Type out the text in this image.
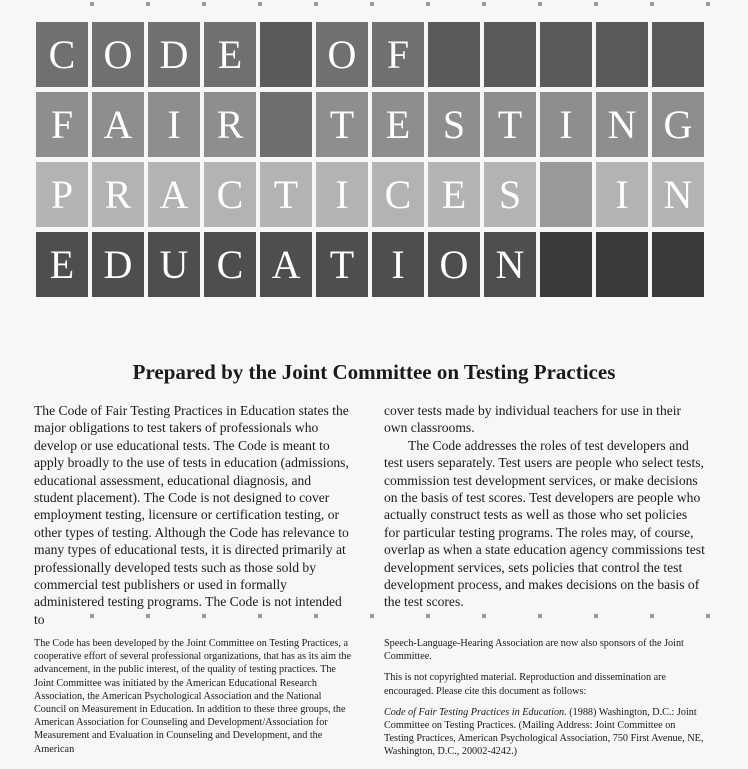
C O D E	O F
F A I R	T E S T I N G
P R A C T I C E S	I N
E D U C A T I O N
Prepared by the Joint Committee on Testing Practices

The Code of Fair Testing Practices in Education states the major obligations to test takers of professionals who develop or use educational tests. The Code is meant to apply broadly to the use of tests in education (admissions, educational assessment, educational diagnosis, and student placement). The Code is not designed to cover employment testing, licensure or certification testing, or other types of testing. Although the Code has relevance to many types of educational tests, it is directed primarily at professionally developed tests such as those sold by commercial test publishers or used in formally administered testing programs. The Code is not intended to

cover tests made by individual teachers for use in their own classrooms.

The Code addresses the roles of test developers and test users separately. Test users are people who select tests, commission test development services, or make decisions on the basis of test scores. Test developers are people who actually construct tests as well as those who set policies for particular testing programs. The roles may, of course, overlap as when a state education agency commissions test development services, sets policies that control the test development process, and makes decisions on the basis of the test scores.

The Code has been developed by the Joint Committee on Testing Practices, a cooperative effort of several professional organizations, that has as its aim the advancement, in the public interest, of the quality of testing practices. The Joint Committee was initiated by the American Educational Research Association, the American Psychological Association and the National Council on Measurement in Education. In addition to these three groups, the American Association for Counseling and Development/Association for Measurement and Evaluation in Counseling and Development, and the American

Speech-Language-Hearing Association are now also sponsors of the Joint Committee.

This is not copyrighted material. Reproduction and dissemination are encouraged. Please cite this document as follows:

Code of Fair Testing Practices in Education. (1988) Washington, D.C.: Joint Committee on Testing Practices. (Mailing Address: Joint Committee on Testing Practices, American Psychological Association, 750 First Avenue, NE, Washington, D.C., 20002-4242.)
